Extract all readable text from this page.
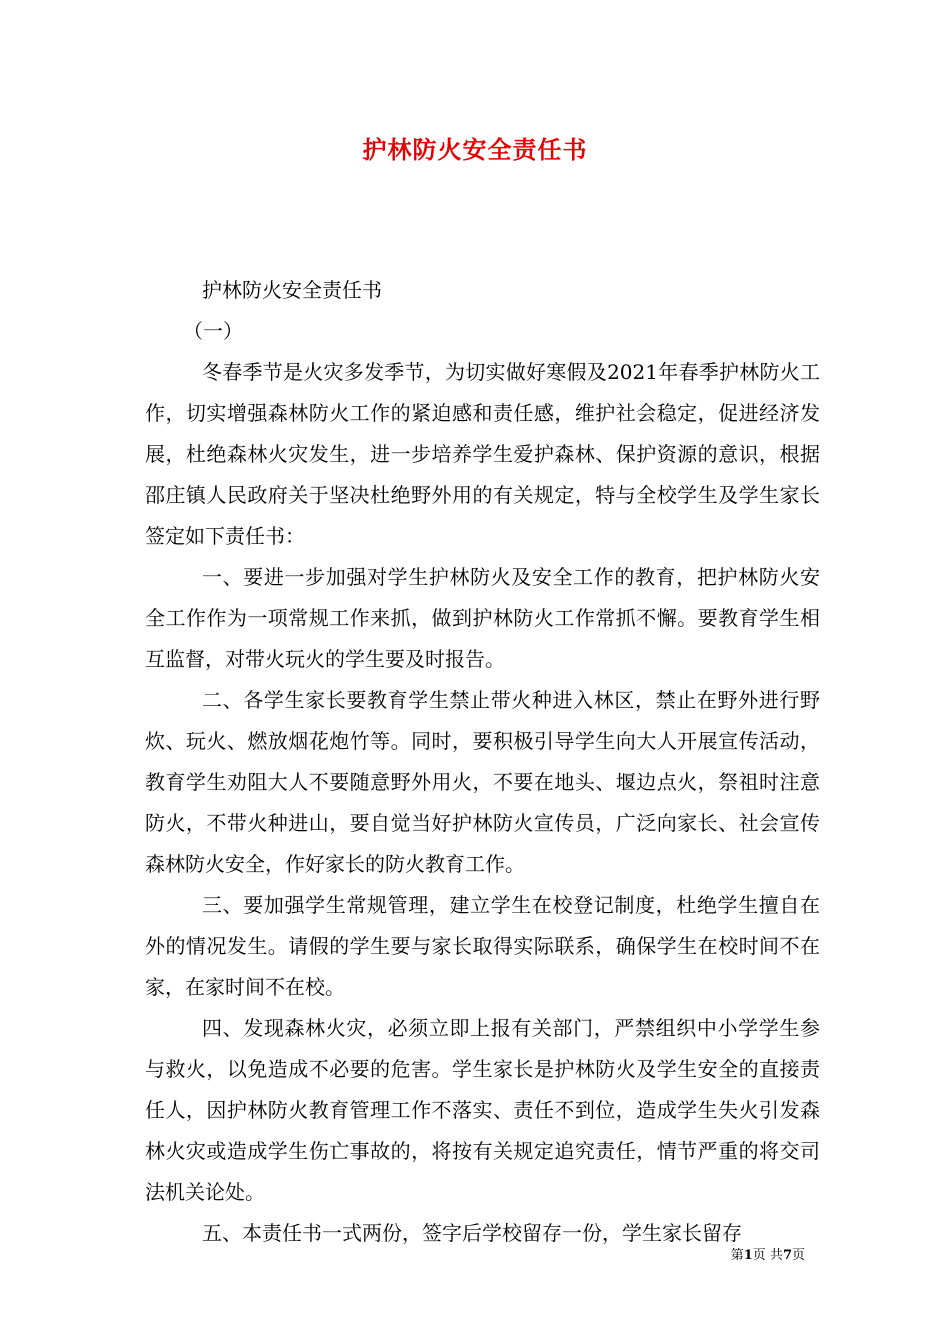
护林防火安全责任书

护林防火安全责任书

（一）

冬春季节是火灾多发季节，为切实做好寒假及2021年春季护林防火工作，切实增强森林防火工作的紧迫感和责任感，维护社会稳定，促进经济发展，杜绝森林火灾发生，进一步培养学生爱护森林、保护资源的意识，根据邵庄镇人民政府关于坚决杜绝野外用的有关规定，特与全校学生及学生家长签定如下责任书：

一、要进一步加强对学生护林防火及安全工作的教育，把护林防火安全工作作为一项常规工作来抓，做到护林防火工作常抓不懈。要教育学生相互监督，对带火玩火的学生要及时报告。

二、各学生家长要教育学生禁止带火种进入林区，禁止在野外进行野炊、玩火、燃放烟花炮竹等。同时，要积极引导学生向大人开展宣传活动，教育学生劝阻大人不要随意野外用火，不要在地头、堰边点火，祭祖时注意防火，不带火种进山，要自觉当好护林防火宣传员，广泛向家长、社会宣传森林防火安全，作好家长的防火教育工作。

三、要加强学生常规管理，建立学生在校登记制度，杜绝学生擅自在外的情况发生。请假的学生要与家长取得实际联系，确保学生在校时间不在家，在家时间不在校。

四、发现森林火灾，必须立即上报有关部门，严禁组织中小学学生参与救火，以免造成不必要的危害。学生家长是护林防火及学生安全的直接责任人，因护林防火教育管理工作不落实、责任不到位，造成学生失火引发森林火灾或造成学生伤亡事故的，将按有关规定追究责任，情节严重的将交司法机关论处。

五、本责任书一式两份，签字后学校留存一份，学生家长留存

第1页 共7页
